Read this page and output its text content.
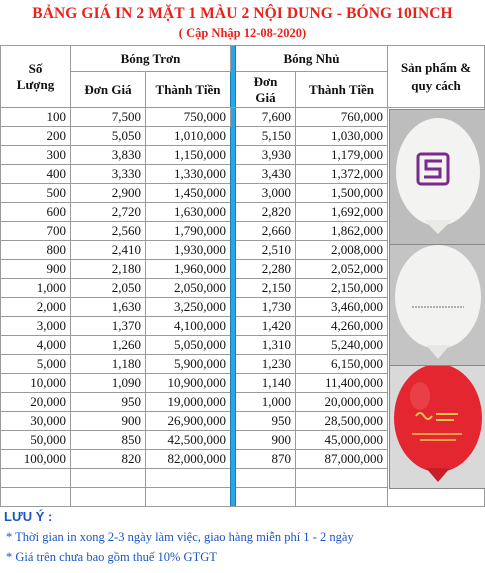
BẢNG GIÁ IN 2 MẶT 1 MÀU 2 NỘI DUNG - BÓNG 10INCH
( Cập Nhập 12-08-2020)
Số Lượng	Bóng Trơn			Bóng Nhủ		Sản phẩm & quy cách
	Đơn Giá	Thành Tiền		Đơn Giá	Thành Tiền	
100	7,500	750,000		7,600	760,000	
200	5,050	1,010,000		5,150	1,030,000	
300	3,830	1,150,000		3,930	1,179,000	
400	3,330	1,330,000		3,430	1,372,000	
500	2,900	1,450,000		3,000	1,500,000	
600	2,720	1,630,000		2,820	1,692,000	
700	2,560	1,790,000		2,660	1,862,000	
800	2,410	1,930,000		2,510	2,008,000	
900	2,180	1,960,000		2,280	2,052,000	
1,000	2,050	2,050,000		2,150	2,150,000	
2,000	1,630	3,250,000		1,730	3,460,000	
3,000	1,370	4,100,000		1,420	4,260,000	
4,000	1,260	5,050,000		1,310	5,240,000	
5,000	1,180	5,900,000		1,230	6,150,000	
10,000	1,090	10,900,000		1,140	11,400,000	
20,000	950	19,000,000		1,000	20,000,000	
30,000	900	26,900,000		950	28,500,000	
50,000	850	42,500,000		900	45,000,000	
100,000	820	82,000,000		870	87,000,000	

LƯU Ý :
* Thời gian in xong 2-3 ngày làm việc, giao hàng miễn phí 1 - 2 ngày
* Giá trên chưa bao gồm thuế 10% GTGT
